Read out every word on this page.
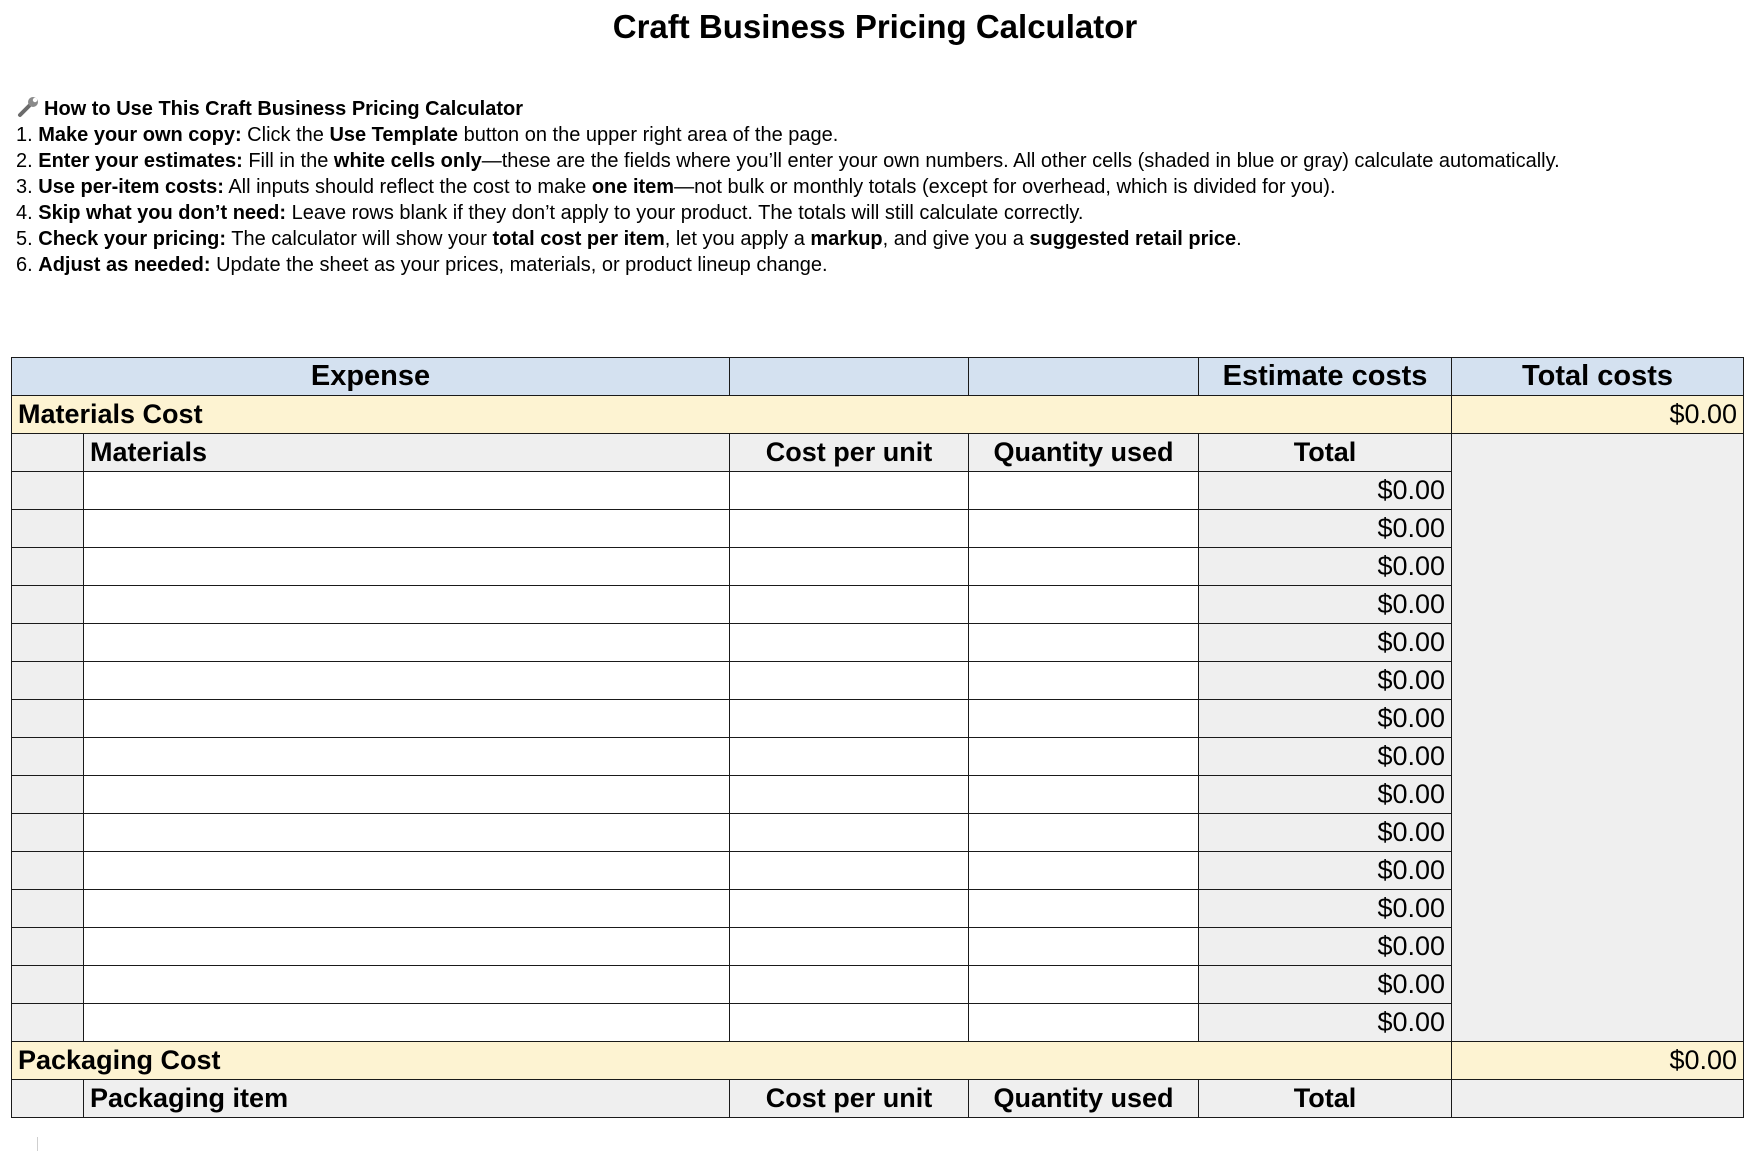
Craft Business Pricing Calculator
How to Use This Craft Business Pricing Calculator
1. Make your own copy: Click the Use Template button on the upper right area of the page.
2. Enter your estimates: Fill in the white cells only—these are the fields where you’ll enter your own numbers. All other cells (shaded in blue or gray) calculate automatically.
3. Use per-item costs: All inputs should reflect the cost to make one item—not bulk or monthly totals (except for overhead, which is divided for you).
4. Skip what you don’t need: Leave rows blank if they don’t apply to your product. The totals will still calculate correctly.
5. Check your pricing: The calculator will show your total cost per item, let you apply a markup, and give you a suggested retail price.
6. Adjust as needed: Update the sheet as your prices, materials, or product lineup change.
Expense				Estimate costs	Total costs
Materials Cost					$0.00
	Materials	Cost per unit	Quantity used	Total	
				$0.00	
				$0.00	
				$0.00	
				$0.00	
				$0.00	
				$0.00	
				$0.00	
				$0.00	
				$0.00	
				$0.00	
				$0.00	
				$0.00	
				$0.00	
				$0.00	
				$0.00	
Packaging Cost					$0.00
	Packaging item	Cost per unit	Quantity used	Total	
